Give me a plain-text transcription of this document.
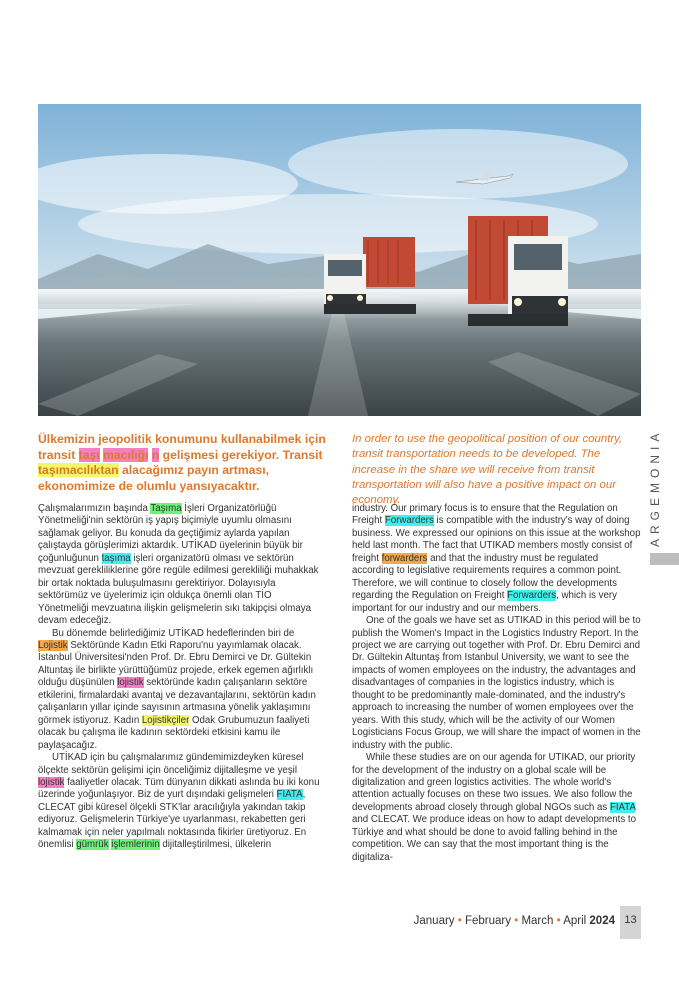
ARGEMONIA
Ülkemizin jeopolitik konumunu kullanabilmek için transit taşı macılığı n gelişmesi gerekiyor. Transit taşımacılıktan alacağımız payın artması, ekonomimize de olumlu yansıyacaktır.
In order to use the geopolitical position of our country, transit transportation needs to be developed. The increase in the share we will receive from transit transportation will also have a positive impact on our economy.

Çalışmalarımızın başında Taşıma İşleri Organizatörlüğü Yönetmeliği'nin sektörün iş yapış biçimiyle uyumlu olmasını sağlamak geliyor. Bu konuda da geçtiğimiz aylarda yapılan çalıştayda görüşlerimizi aktardık. UTİKAD üyelerinin büyük bir çoğunluğunun taşıma işleri organizatörü olması ve sektörün mevzuat gerekliliklerine göre regüle edilmesi gerekliliği muhakkak bir ortak noktada buluşulmasını gerektiriyor. Dolayısıyla sektörümüz ve üyelerimiz için oldukça önemli olan TİO Yönetmeliği mevzuatına ilişkin gelişmelerin sıkı takipçisi olmaya devam edeceğiz.

Bu dönemde belirlediğimiz UTİKAD hedeflerinden biri de Lojistik Sektöründe Kadın Etki Raporu'nu yayımlamak olacak. İstanbul Üniversitesi'nden Prof. Dr. Ebru Demirci ve Dr. Gültekin Altuntaş ile birlikte yürüttüğümüz projede, erkek egemen ağırlıklı olduğu düşünülen lojistik sektöründe kadın çalışanların sektöre etkilerini, firmalardaki avantaj ve dezavantajlarını, sektörün kadın çalışanların yıllar içinde sayısının artmasına yönelik yaklaşımını görmek istiyoruz. Kadın Lojistikçiler Odak Grubumuzun faaliyeti olacak bu çalışma ile kadının sektördeki etkisini kamu ile paylaşacağız.

UTİKAD için bu çalışmalarımız gündemimizdeyken küresel ölçekte sektörün gelişimi için önceliğimiz dijitalleşme ve yeşil lojistik faaliyetler olacak. Tüm dünyanın dikkati aslında bu iki konu üzerinde yoğunlaşıyor. Biz de yurt dışındaki gelişmeleri FIATA, CLECAT gibi küresel ölçekli STK'lar aracılığıyla yakından takip ediyoruz. Gelişmelerin Türkiye'ye uyarlanması, rekabetten geri kalmamak için neler yapılmalı noktasında fikirler üretiyoruz. En önemlisi gümrük işlemlerinin dijitalleştirilmesi, ülkelerin

industry. Our primary focus is to ensure that the Regulation on Freight Forwarders is compatible with the industry's way of doing business. We expressed our opinions on this issue at the workshop held last month. The fact that UTIKAD members mostly consist of freight forwarders and that the industry must be regulated according to legislative requirements requires a common point. Therefore, we will continue to closely follow the developments regarding the Regulation on Freight Forwarders, which is very important for our industry and our members.

One of the goals we have set as UTIKAD in this period will be to publish the Women's Impact in the Logistics Industry Report. In the project we are carrying out together with Prof. Dr. Ebru Demirci and Dr. Gültekin Altuntaş from Istanbul University, we want to see the impacts of women employees on the industry, the advantages and disadvantages of companies in the logistics industry, which is thought to be predominantly male-dominated, and the industry's approach to increasing the number of women employees over the years. With this study, which will be the activity of our Women Logisticians Focus Group, we will share the impact of women in the industry with the public.

While these studies are on our agenda for UTIKAD, our priority for the development of the industry on a global scale will be digitalization and green logistics activities. The whole world's attention actually focuses on these two issues. We also follow the developments abroad closely through global NGOs such as FIATA and CLECAT. We produce ideas on how to adapt developments to Türkiye and what should be done to avoid falling behind in the competition. We can say that the most important thing is the digitaliza-

January • February • March • April 2024 13
